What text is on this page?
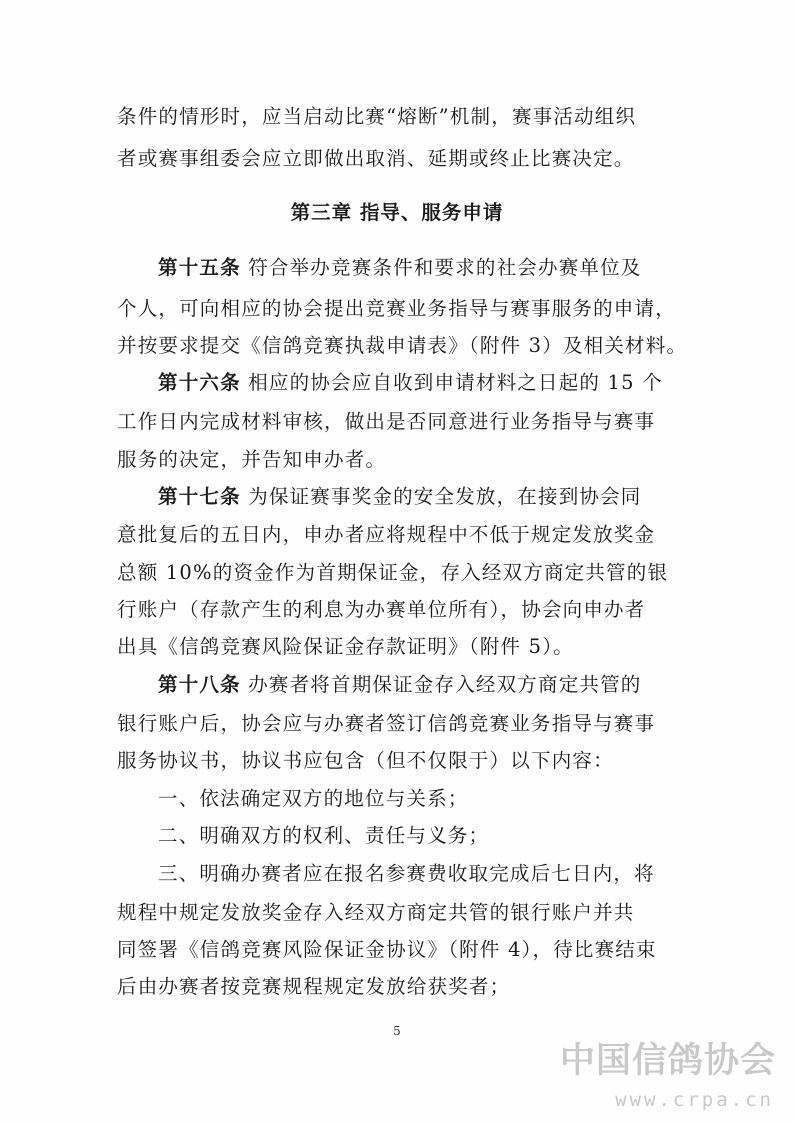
条件的情形时，应当启动比赛“熔断”机制，赛事活动组织
者或赛事组委会应立即做出取消、延期或终止比赛决定。
第三章 指导、服务申请
第十五条 符合举办竞赛条件和要求的社会办赛单位及
个人，可向相应的协会提出竞赛业务指导与赛事服务的申请，
并按要求提交《信鸽竞赛执裁申请表》（附件 3）及相关材料。
第十六条 相应的协会应自收到申请材料之日起的 15 个
工作日内完成材料审核，做出是否同意进行业务指导与赛事
服务的决定，并告知申办者。
第十七条 为保证赛事奖金的安全发放，在接到协会同
意批复后的五日内，申办者应将规程中不低于规定发放奖金
总额 10%的资金作为首期保证金，存入经双方商定共管的银
行账户（存款产生的利息为办赛单位所有），协会向申办者
出具《信鸽竞赛风险保证金存款证明》（附件 5）。
第十八条 办赛者将首期保证金存入经双方商定共管的
银行账户后，协会应与办赛者签订信鸽竞赛业务指导与赛事
服务协议书，协议书应包含（但不仅限于）以下内容：
一、依法确定双方的地位与关系；
二、明确双方的权利、责任与义务；
三、明确办赛者应在报名参赛费收取完成后七日内，将
规程中规定发放奖金存入经双方商定共管的银行账户并共
同签署《信鸽竞赛风险保证金协议》（附件 4），待比赛结束
后由办赛者按竞赛规程规定发放给获奖者；
5
中国信鸽协会
www.crpa.cn
